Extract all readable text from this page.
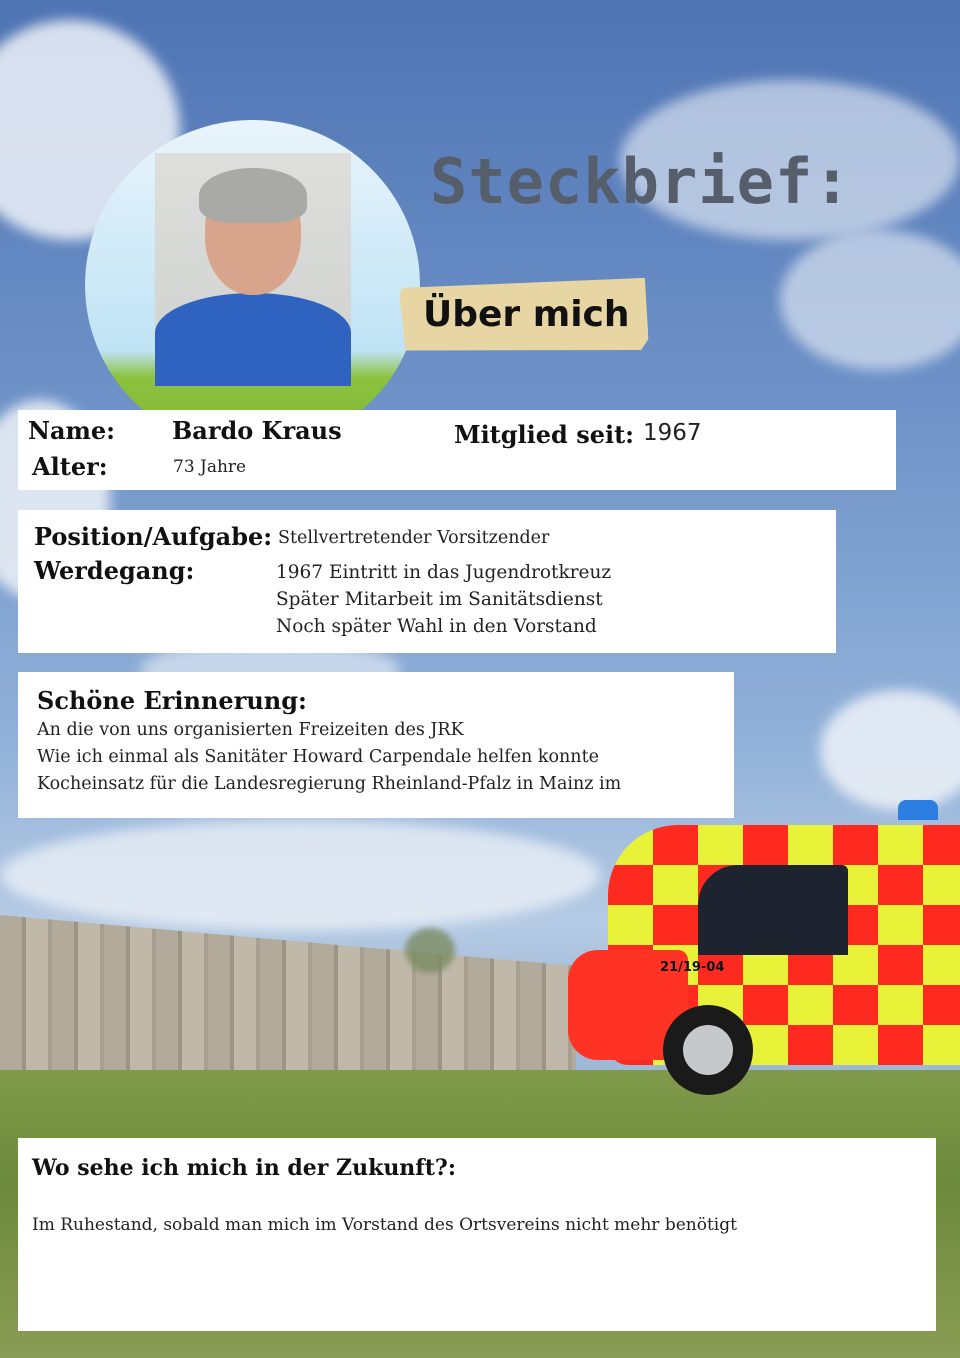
21/19-04
Steckbrief:
Über mich
Name: Bardo Kraus
Alter:	73 Jahre
Mitglied seit: 1967
Position/Aufgabe: Stellvertretender Vorsitzender
Werdegang:	1967 Eintritt in das Jugendrotkreuz
Später Mitarbeit im Sanitätsdienst
Noch später Wahl in den Vorstand
Schöne Erinnerung:
An die von uns organisierten Freizeiten des JRK
Wie ich einmal als Sanitäter Howard Carpendale helfen konnte
Kocheinsatz für die Landesregierung Rheinland-Pfalz in Mainz im
Wo sehe ich mich in der Zukunft?:
Im Ruhestand, sobald man mich im Vorstand des Ortsvereins nicht mehr benötigt
